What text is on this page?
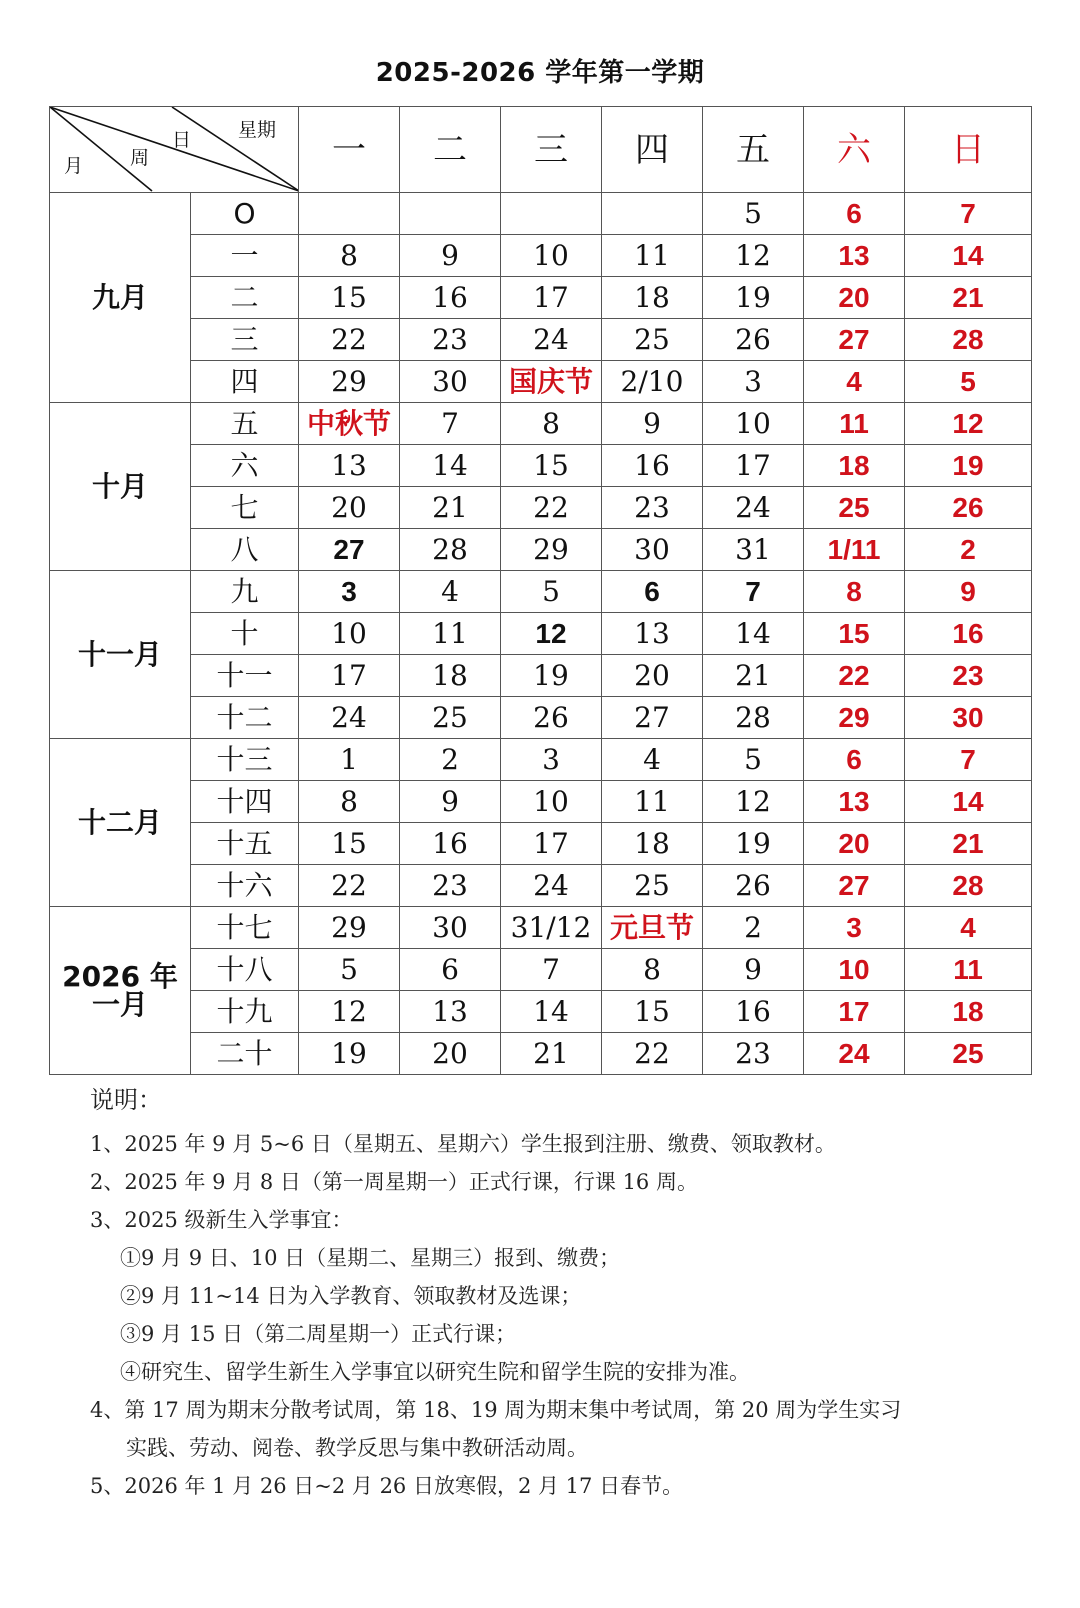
2025-2026 学年第一学期
星期
日
周
月		一	二	三	四	五	六	日
九月	O					5	6	7
	一	8	9	10	11	12	13	14
	二	15	16	17	18	19	20	21
	三	22	23	24	25	26	27	28
	四	29	30	国庆节	2/10	3	4	5
十月	五	中秋节	7	8	9	10	11	12
	六	13	14	15	16	17	18	19
	七	20	21	22	23	24	25	26
	八	27	28	29	30	31	1/11	2
十一月	九	3	4	5	6	7	8	9
	十	10	11	12	13	14	15	16
	十一	17	18	19	20	21	22	23
	十二	24	25	26	27	28	29	30
十二月	十三	1	2	3	4	5	6	7
	十四	8	9	10	11	12	13	14
	十五	15	16	17	18	19	20	21
	十六	22	23	24	25	26	27	28
2026 年
一月	十七	29	30	31/12	元旦节	2	3	4
	十八	5	6	7	8	9	10	11
	十九	12	13	14	15	16	17	18
	二十	19	20	21	22	23	24	25
说明：
1、2025 年 9 月 5~6 日（星期五、星期六）学生报到注册、缴费、领取教材。
2、2025 年 9 月 8 日（第一周星期一）正式行课，行课 16 周。
3、2025 级新生入学事宜：
①9 月 9 日、10 日（星期二、星期三）报到、缴费；
②9 月 11~14 日为入学教育、领取教材及选课；
③9 月 15 日（第二周星期一）正式行课；
④研究生、留学生新生入学事宜以研究生院和留学生院的安排为准。
4、第 17 周为期末分散考试周，第 18、19 周为期末集中考试周，第 20 周为学生实习
实践、劳动、阅卷、教学反思与集中教研活动周。
5、2026 年 1 月 26 日~2 月 26 日放寒假，2 月 17 日春节。
